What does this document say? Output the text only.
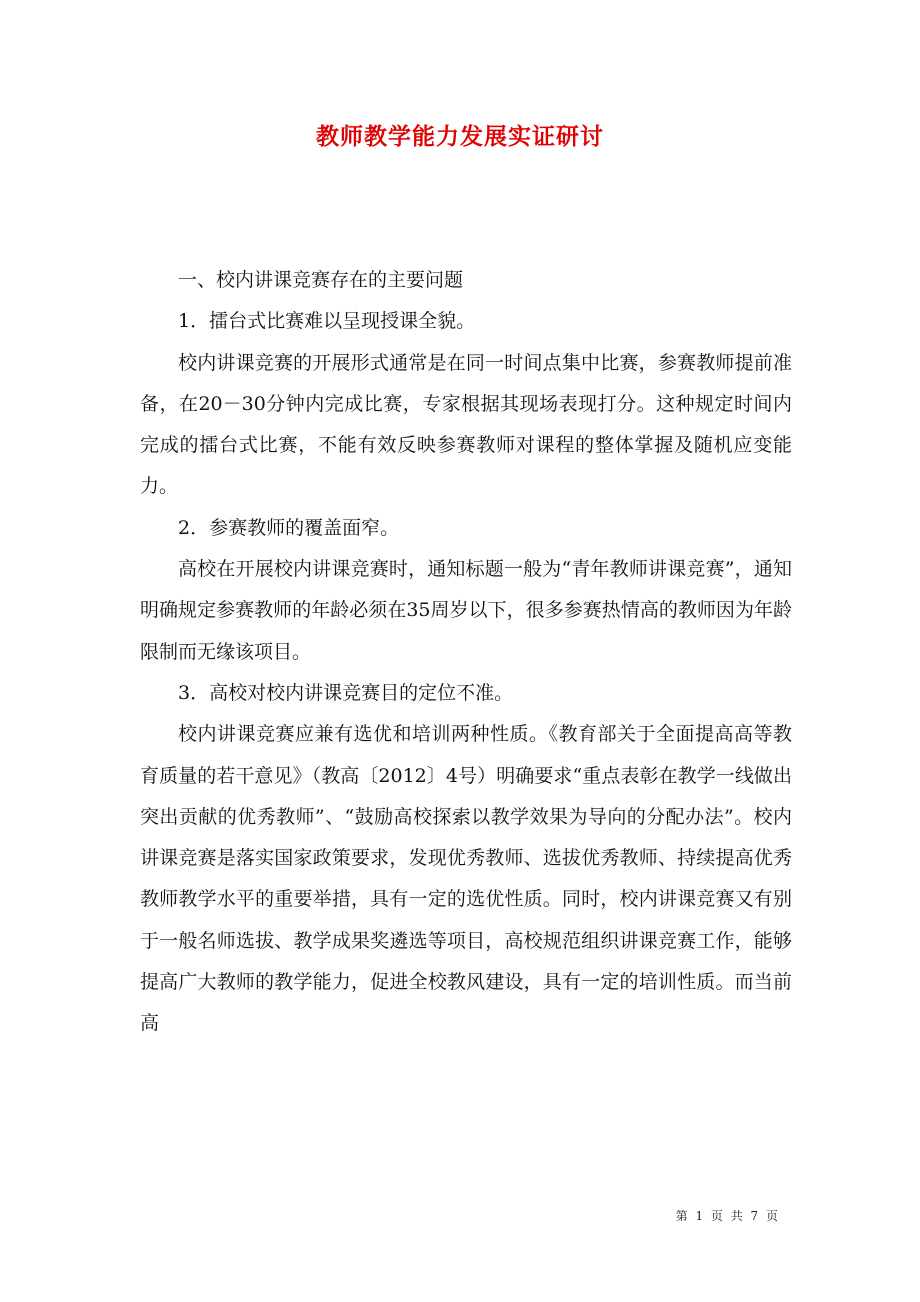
教师教学能力发展实证研讨

一、校内讲课竞赛存在的主要问题

1．擂台式比赛难以呈现授课全貌。

校内讲课竞赛的开展形式通常是在同一时间点集中比赛，参赛教师提前准备，在20－30分钟内完成比赛，专家根据其现场表现打分。这种规定时间内完成的擂台式比赛，不能有效反映参赛教师对课程的整体掌握及随机应变能力。

2．参赛教师的覆盖面窄。

高校在开展校内讲课竞赛时，通知标题一般为“青年教师讲课竞赛”，通知明确规定参赛教师的年龄必须在35周岁以下，很多参赛热情高的教师因为年龄限制而无缘该项目。

3．高校对校内讲课竞赛目的定位不准。

校内讲课竞赛应兼有选优和培训两种性质。《教育部关于全面提高高等教育质量的若干意见》（教高〔2012〕4号）明确要求“重点表彰在教学一线做出突出贡献的优秀教师”、“鼓励高校探索以教学效果为导向的分配办法”。校内讲课竞赛是落实国家政策要求，发现优秀教师、选拔优秀教师、持续提高优秀教师教学水平的重要举措，具有一定的选优性质。同时，校内讲课竞赛又有别于一般名师选拔、教学成果奖遴选等项目，高校规范组织讲课竞赛工作，能够提高广大教师的教学能力，促进全校教风建设，具有一定的培训性质。而当前高

第 1 页 共 7 页
